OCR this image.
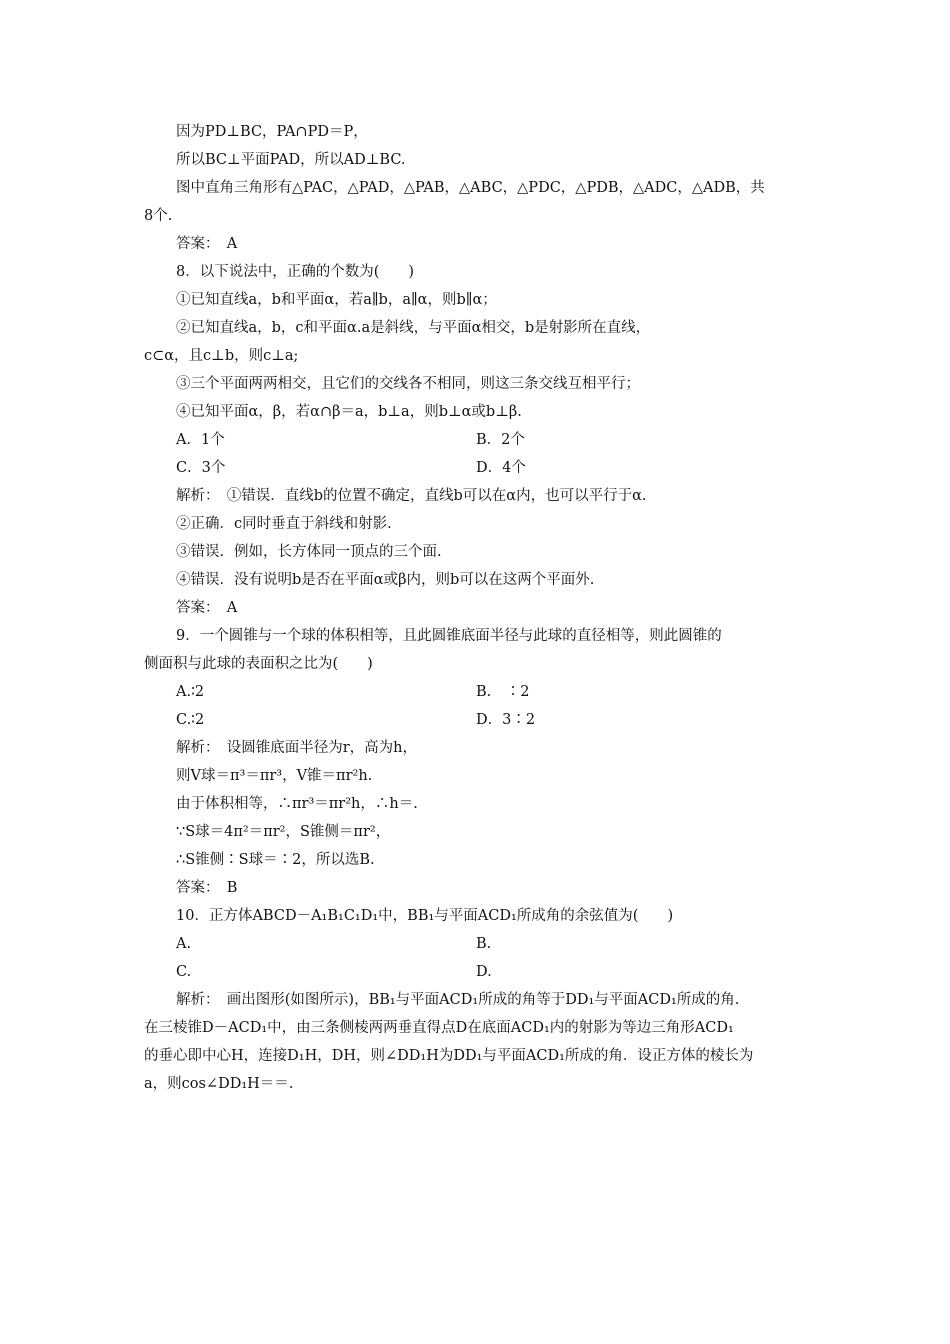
因为PD⊥BC，PA∩PD＝P，
所以BC⊥平面PAD，所以AD⊥BC.
图中直角三角形有△PAC，△PAD，△PAB，△ABC，△PDC，△PDB，△ADC，△ADB，共
8个.
答案：　A
8．以下说法中，正确的个数为(　　)
①已知直线a，b和平面α，若a∥b，a∥α，则b∥α；
②已知直线a，b，c和平面α.a是斜线，与平面α相交，b是射影所在直线，
c⊂α，且c⊥b，则c⊥a;
③三个平面两两相交，且它们的交线各不相同，则这三条交线互相平行；
④已知平面α，β，若α∩β＝a，b⊥a，则b⊥α或b⊥β.
A．1个	B．2个
C．3个	D．4个
解析：　①错误．直线b的位置不确定，直线b可以在α内，也可以平行于α.
②正确．c同时垂直于斜线和射影.
③错误．例如，长方体同一顶点的三个面.
④错误．没有说明b是否在平面α或β内，则b可以在这两个平面外.
答案：　A
9．一个圆锥与一个球的体积相等，且此圆锥底面半径与此球的直径相等，则此圆锥的
侧面积与此球的表面积之比为(　　)
A.∶2	B.　∶2
C.∶2	D．3∶2
解析：　设圆锥底面半径为r，高为h，
则V球＝π³＝πr³，V锥＝πr²h.
由于体积相等，∴πr³＝πr²h，∴h＝.
∵S球＝4π²＝πr²，S锥侧＝πr²，
∴S锥侧∶S球＝∶2，所以选B.
答案：　B
10．正方体ABCD－A₁B₁C₁D₁中，BB₁与平面ACD₁所成角的余弦值为(　　)
A.	B.
C.	D.
解析：　画出图形(如图所示)，BB₁与平面ACD₁所成的角等于DD₁与平面ACD₁所成的角.
在三棱锥D－ACD₁中，由三条侧棱两两垂直得点D在底面ACD₁内的射影为等边三角形ACD₁
的垂心即中心H，连接D₁H，DH，则∠DD₁H为DD₁与平面ACD₁所成的角．设正方体的棱长为
a，则cos∠DD₁H＝＝.
